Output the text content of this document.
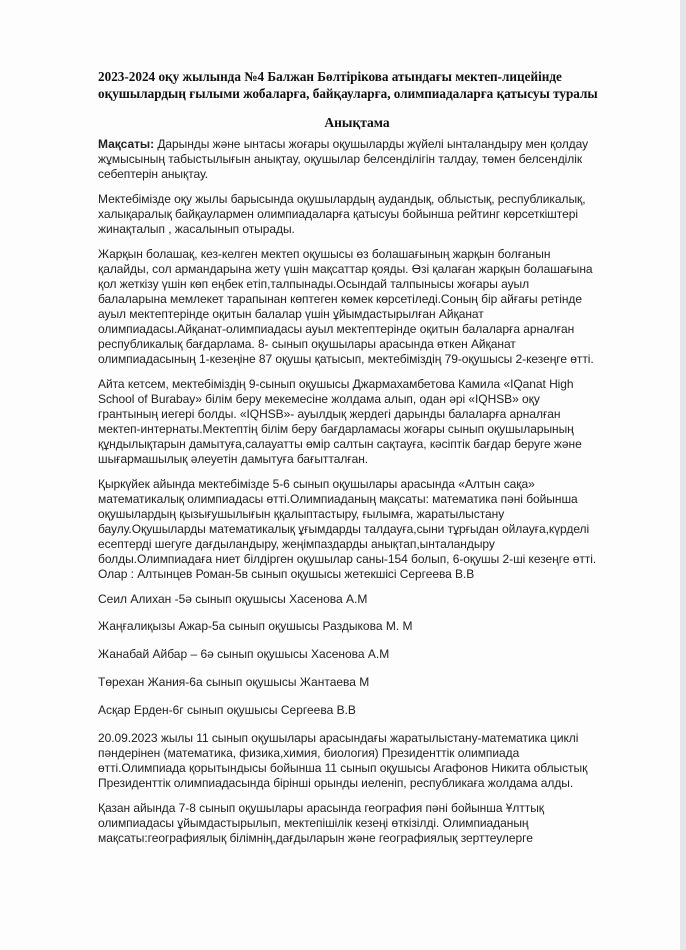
2023-2024 оқу жылында №4 Балжан Бөлтірікова атындағы мектеп-лицейінде
оқушылардың ғылыми жобаларға, байқауларға, олимпиадаларға қатысуы туралы
Анықтама
Мақсаты: Дарынды және ынтасы жоғары оқушыларды жүйелі ынталандыру мен қолдау
жұмысының табыстылығын анықтау, оқушылар белсенділігін талдау, төмен белсенділік
себептерін анықтау.
Мектебімізде оқу жылы барысында оқушылардың аудандық, облыстық, республикалық,
халықаралық байқаулармен олимпиадаларға қатысуы бойынша рейтинг көрсеткіштері
жинақталып , жасалынып отырады.
Жарқын болашақ, кез-келген мектеп оқушысы өз болашағының жарқын болғанын
қалайды, сол армандарына жету үшін мақсаттар қояды. Өзі қалаған жарқын болашағына
қол жеткізу үшін көп еңбек етіп,талпынады.Осындай талпынысы жоғары ауыл
балаларына мемлекет тарапынан көптеген көмек көрсетіледі.Соның бір айғағы ретінде
ауыл мектептерінде оқитын балалар үшін ұйымдастырылған Айқанат
олимпиадасы.Айқанат-олимпиадасы ауыл мектептерінде оқитын балаларға арналған
республикалық бағдарлама. 8- сынып оқушылары арасында өткен Айқанат
олимпиадасының 1-кезеңіне 87 оқушы қатысып, мектебіміздің 79-оқушысы 2-кезеңге өтті.
Айта кетсем, мектебіміздің 9-сынып оқушысы Джармахамбетова Камила «IQanat High
School of Burabay» білім беру мекемесіне жолдама алып, одан әрі «IQHSB» оқу
грантының иегері болды. «IQHSB»- ауылдық жердегі дарынды балаларға арналған
мектеп-интернаты.Мектептің білім беру бағдарламасы жоғары сынып оқушыларының
құндылықтарын дамытуға,салауатты өмір салтын сақтауға, кәсіптік бағдар беруге және
шығармашылық әлеуетін дамытуға бағытталған.
Қыркүйек айында мектебімізде 5-6 сынып оқушылары арасында «Алтын сақа»
математикалық олимпиадасы өтті.Олимпиаданың мақсаты: математика пәні бойынша
оқушылардың қызығушылығын ққалыптастыру, ғылымға, жаратылыстану
баулу.Оқушыларды математикалық ұғымдарды талдауға,сыни тұрғыдан ойлауға,күрделі
есептерді шегуге дағдыландыру, жеңімпаздарды анықтап,ынталандыру
болды.Олимпиадаға ниет білдірген оқушылар саны-154 болып, 6-оқушы 2-ші кезеңге өтті.
Олар : Алтынцев Роман-5в сынып оқушысы жетекшісі Сергеева В.В
Сеил Алихан -5ә сынып оқушысы Хасенова А.М
Жаңғалиқызы Ажар-5а сынып оқушысы Раздыкова М. М
Жанабай Айбар – 6ә сынып оқушысы Хасенова А.М
Төрехан Жания-6а сынып оқушысы Жантаева М
Асқар Ерден-6г сынып оқушысы Сергеева В.В
20.09.2023 жылы 11 сынып оқушылары арасындағы жаратылыстану-математика циклі
пәндерінен (математика, физика,химия, биология) Президенттік олимпиада
өтті.Олимпиада қорытындысы бойынша 11 сынып оқушысы Агафонов Никита облыстық
Президенттік олимпиадасында бірінші орынды иеленіп, республикаға жолдама алды.
Қазан айында 7-8 сынып оқушылары арасында география пәні бойынша Ұлттық
олимпиадасы ұйымдастырылып, мектепішілік кезеңі өткізілді. Олимпиаданың
мақсаты:географиялық білімнің,дағдыларын және географиялық зерттеулерге
